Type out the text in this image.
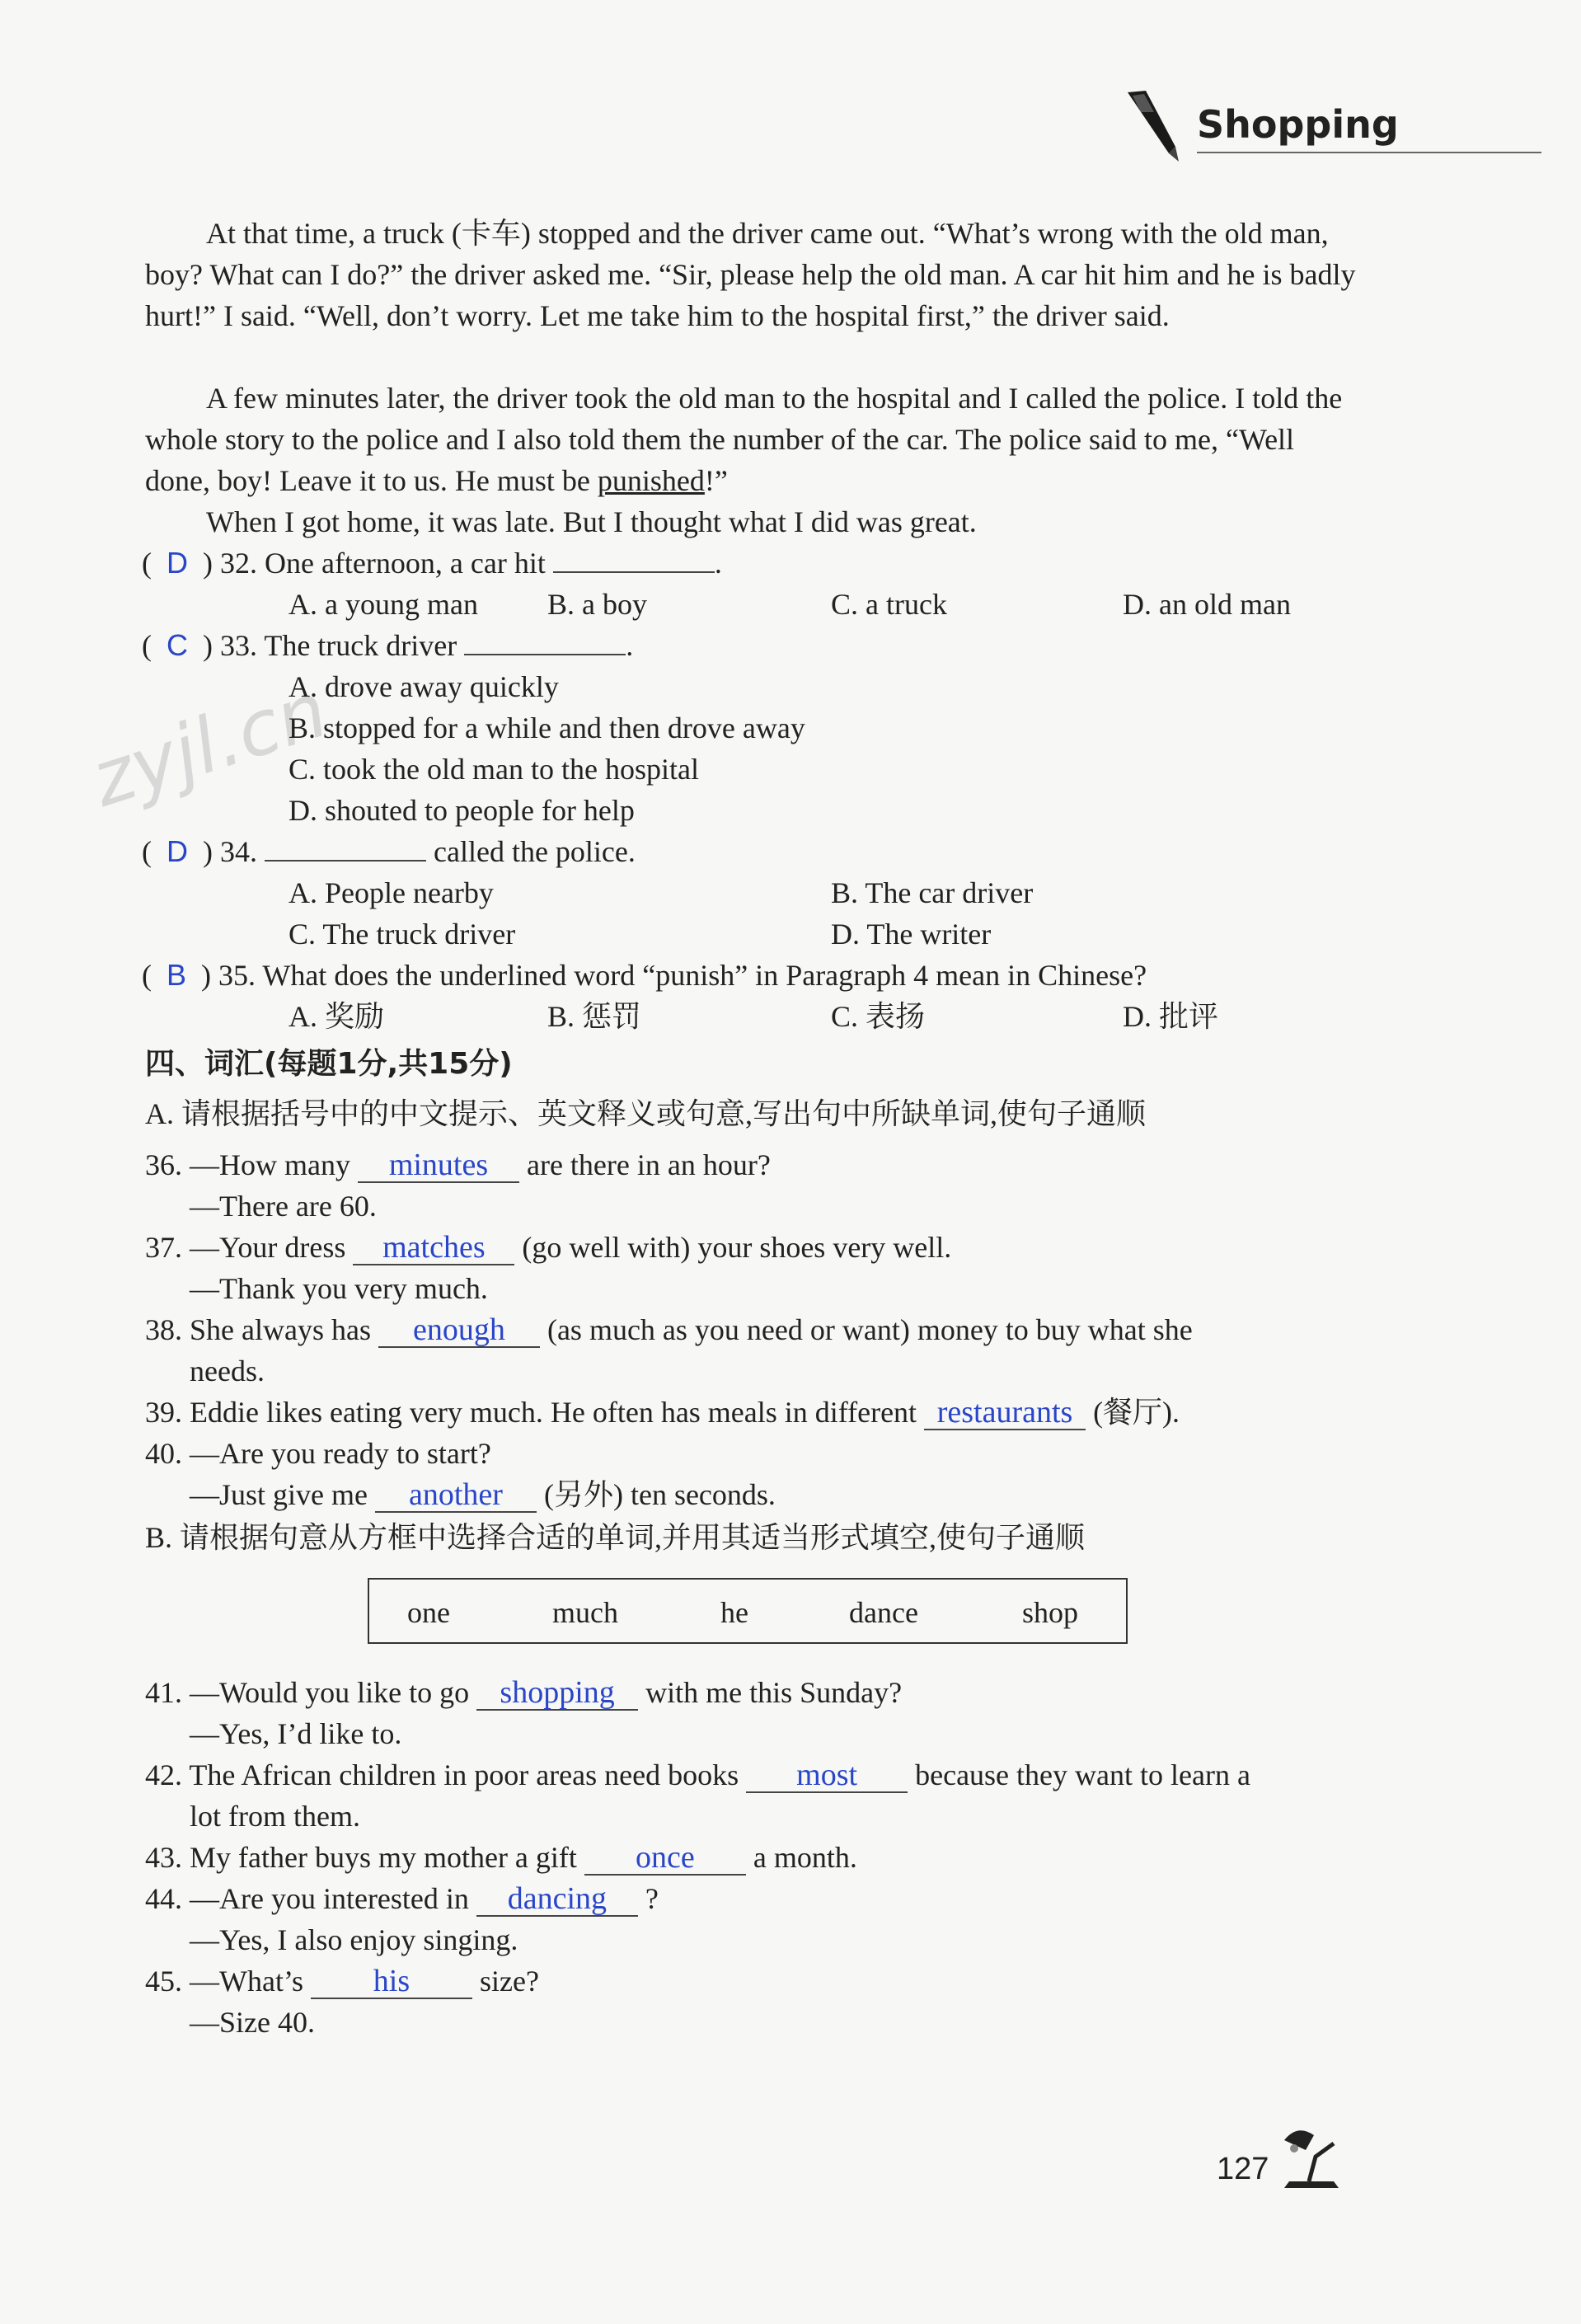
Shopping

At that time, a truck (卡车) stopped and the driver came out. “What’s wrong with the old man, boy? What can I do?” the driver asked me. “Sir, please help the old man. A car hit him and he is badly hurt!” I said. “Well, don’t worry. Let me take him to the hospital first,” the driver said.

A few minutes later, the driver took the old man to the hospital and I called the police. I told the whole story to the police and I also told them the number of the car. The police said to me, “Well done, boy! Leave it to us. He must be punished!”

When I got home, it was late. But I thought what I did was great.

zyjl.cn
( D ) 32. One afternoon, a car hit	.
A. a young man B. a boy	C. a truck	D. an old man
( C ) 33. The truck driver	.
A. drove away quickly
B. stopped for a while and then drove away
C. took the old man to the hospital
D. shouted to people for help
( D ) 34.	called the police.
A. People nearby	B. The car driver
C. The truck driver	D. The writer
( B ) 35. What does the underlined word “punish” in Paragraph 4 mean in Chinese?
A. 奖励	B. 惩罚	C. 表扬	D. 批评
四、词汇(每题1分,共15分)
A. 请根据括号中的中文提示、英文释义或句意,写出句中所缺单词,使句子通顺
36. —How many minutes are there in an hour?
—There are 60.
37. —Your dress matches (go well with) your shoes very well.
—Thank you very much.
38. She always has enough (as much as you need or want) money to buy what she
needs.
39. Eddie likes eating very much. He often has meals in different restaurants (餐厅).
40. —Are you ready to start?
—Just give me another (另外) ten seconds.
B. 请根据句意从方框中选择合适的单词,并用其适当形式填空,使句子通顺
one	much	he	dance	shop
41. —Would you like to go shopping with me this Sunday?
—Yes, I’d like to.
42. The African children in poor areas need books most because they want to learn a
lot from them.
43. My father buys my mother a gift once a month.
44. —Are you interested in dancing ?
—Yes, I also enjoy singing.
45. —What’s his size?
—Size 40.
127
